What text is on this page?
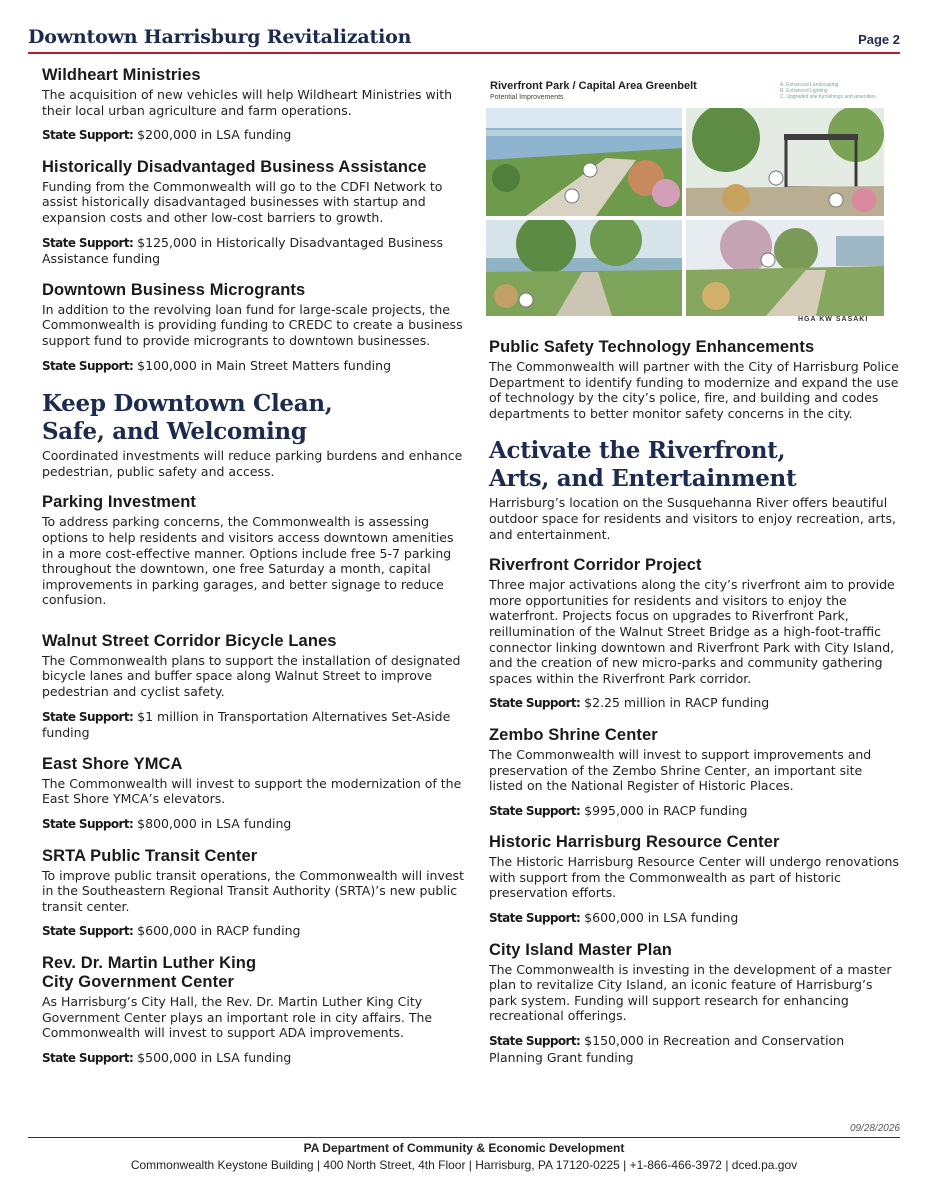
Downtown Harrisburg Revitalization	Page 2
Wildheart Ministries

The acquisition of new vehicles will help Wildheart Ministries with their local urban agriculture and farm operations.

State Support: $200,000 in LSA funding

Historically Disadvantaged Business Assistance

Funding from the Commonwealth will go to the CDFI Network to assist historically disadvantaged businesses with startup and expansion costs and other low-cost barriers to growth.

State Support: $125,000 in Historically Disadvantaged Business Assistance funding

Downtown Business Microgrants

In addition to the revolving loan fund for large-scale projects, the Commonwealth is providing funding to CREDC to create a business support fund to provide microgrants to downtown businesses.

State Support: $100,000 in Main Street Matters funding

Keep Downtown Clean,
Safe, and Welcoming

Coordinated investments will reduce parking burdens and enhance pedestrian, public safety and access.

Parking Investment

To address parking concerns, the Commonwealth is assessing options to help residents and visitors access downtown amenities in a more cost-effective manner. Options include free 5-7 parking throughout the downtown, one free Saturday a month, capital improvements in parking garages, and better signage to reduce confusion.

Walnut Street Corridor Bicycle Lanes

The Commonwealth plans to support the installation of designated bicycle lanes and buffer space along Walnut Street to improve pedestrian and cyclist safety.

State Support: $1 million in Transportation Alternatives Set-Aside funding

East Shore YMCA

The Commonwealth will invest to support the modernization of the East Shore YMCA’s elevators.

State Support: $800,000 in LSA funding

SRTA Public Transit Center

To improve public transit operations, the Commonwealth will invest in the Southeastern Regional Transit Authority (SRTA)’s new public transit center.

State Support: $600,000 in RACP funding

Rev. Dr. Martin Luther King
City Government Center

As Harrisburg’s City Hall, the Rev. Dr. Martin Luther King City Government Center plays an important role in city affairs. The Commonwealth will invest to support ADA improvements.

State Support: $500,000 in LSA funding

Riverfront Park / Capital Area Greenbelt
Potential Improvements
A. Enhanced Landscaping
B. Enhanced Lighting
C. Upgraded site furnishings and amenities
HGA KW SASAKI
Public Safety Technology Enhancements

The Commonwealth will partner with the City of Harrisburg Police Department to identify funding to modernize and expand the use of technology by the city’s police, fire, and building and codes departments to better monitor safety concerns in the city.

Activate the Riverfront,
Arts, and Entertainment

Harrisburg’s location on the Susquehanna River offers beautiful outdoor space for residents and visitors to enjoy recreation, arts, and entertainment.

Riverfront Corridor Project

Three major activations along the city’s riverfront aim to provide more opportunities for residents and visitors to enjoy the waterfront. Projects focus on upgrades to Riverfront Park, reillumination of the Walnut Street Bridge as a high-foot-traffic connector linking downtown and Riverfront Park with City Island, and the creation of new micro-parks and community gathering spaces within the Riverfront Park corridor.

State Support: $2.25 million in RACP funding

Zembo Shrine Center

The Commonwealth will invest to support improvements and preservation of the Zembo Shrine Center, an important site listed on the National Register of Historic Places.

State Support: $995,000 in RACP funding

Historic Harrisburg Resource Center

The Historic Harrisburg Resource Center will undergo renovations with support from the Commonwealth as part of historic preservation efforts.

State Support: $600,000 in LSA funding

City Island Master Plan

The Commonwealth is investing in the development of a master plan to revitalize City Island, an iconic feature of Harrisburg’s park system. Funding will support research for enhancing recreational offerings.

State Support: $150,000 in Recreation and Conservation Planning Grant funding

09/28/2026
PA Department of Community & Economic Development
Commonwealth Keystone Building | 400 North Street, 4th Floor | Harrisburg, PA 17120-0225 | +1-866-466-3972 | dced.pa.gov
